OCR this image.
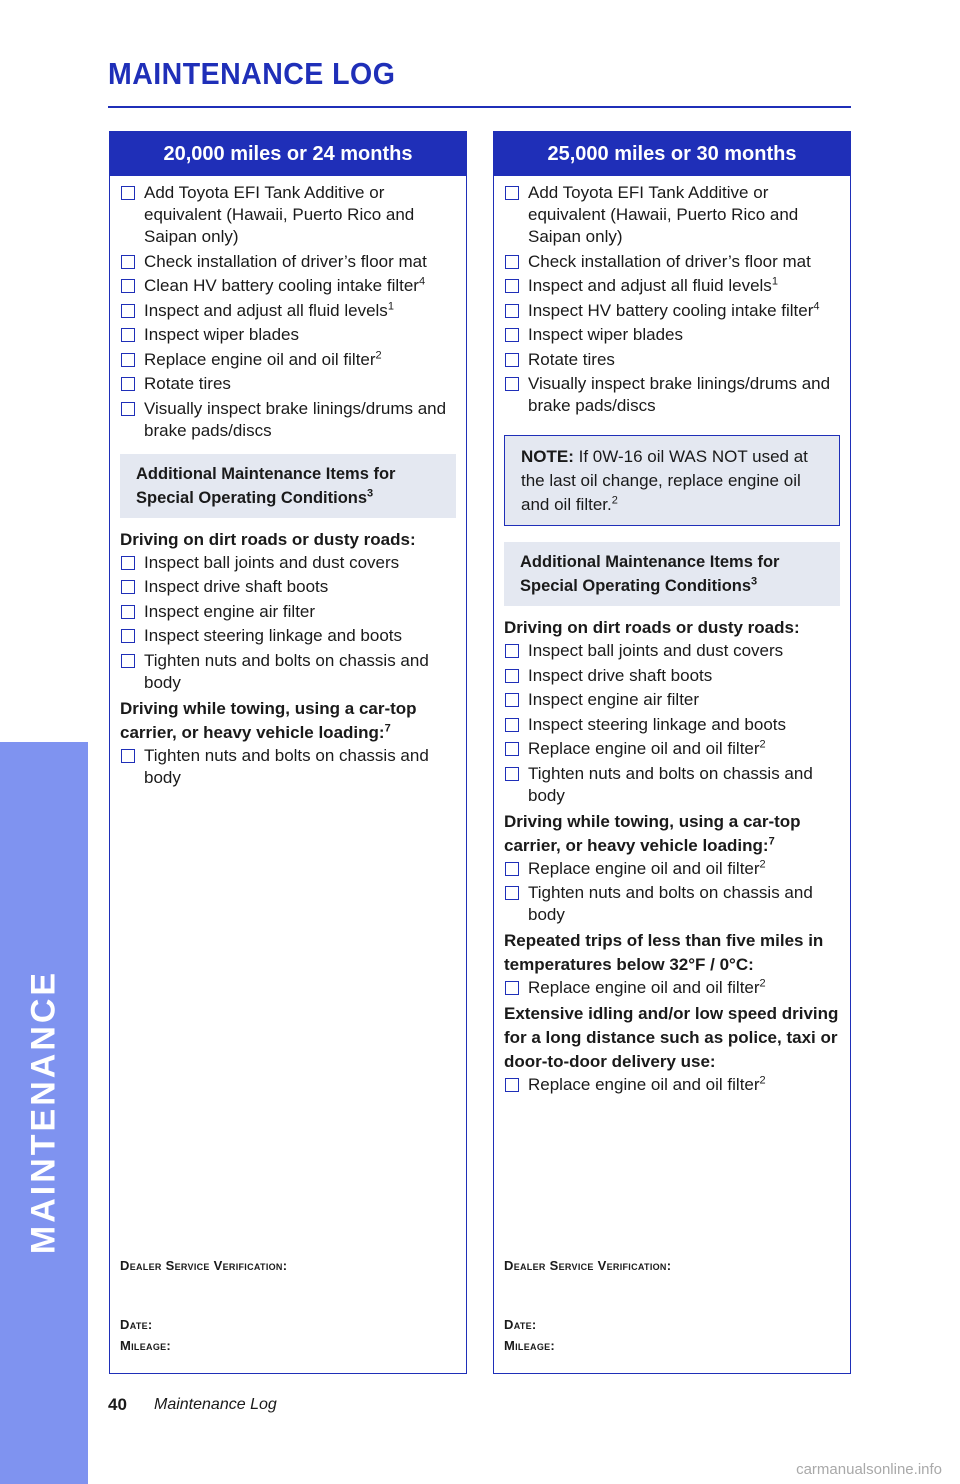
MAINTENANCE LOG
MAINTENANCE
20,000 miles or 24 months
Add Toyota EFI Tank Additive or equivalent (Hawaii, Puerto Rico and Saipan only)
Check installation of driver’s floor mat
Clean HV battery cooling intake filter$^4$
Inspect and adjust all fluid levels$^1$
Inspect wiper blades
Replace engine oil and oil filter$^2$
Rotate tires
Visually inspect brake linings/drums and brake pads/discs
Additional Maintenance Items for Special Operating Conditions$^3$
Driving on dirt roads or dusty roads:
Inspect ball joints and dust covers
Inspect drive shaft boots
Inspect engine air filter
Inspect steering linkage and boots
Tighten nuts and bolts on chassis and body
Driving while towing, using a car-top carrier, or heavy vehicle loading:$^7$
Tighten nuts and bolts on chassis and body
Dealer Service Verification:
Date:
Mileage:
25,000 miles or 30 months
Add Toyota EFI Tank Additive or equivalent (Hawaii, Puerto Rico and Saipan only)
Check installation of driver’s floor mat
Inspect and adjust all fluid levels$^1$
Inspect HV battery cooling intake filter$^4$
Inspect wiper blades
Rotate tires
Visually inspect brake linings/drums and brake pads/discs
NOTE: If 0W-16 oil WAS NOT used at the last oil change, replace engine oil and oil filter.$^2$
Additional Maintenance Items for Special Operating Conditions$^3$
Driving on dirt roads or dusty roads:
Inspect ball joints and dust covers
Inspect drive shaft boots
Inspect engine air filter
Inspect steering linkage and boots
Replace engine oil and oil filter$^2$
Tighten nuts and bolts on chassis and body
Driving while towing, using a car-top carrier, or heavy vehicle loading:$^7$
Replace engine oil and oil filter$^2$
Tighten nuts and bolts on chassis and body
Repeated trips of less than five miles in temperatures below 32°F / 0°C:
Replace engine oil and oil filter$^2$
Extensive idling and/or low speed driving for a long distance such as police, taxi or door-to-door delivery use:
Replace engine oil and oil filter$^2$
Dealer Service Verification:
Date:
Mileage:
40 Maintenance Log
carmanualsonline.info
